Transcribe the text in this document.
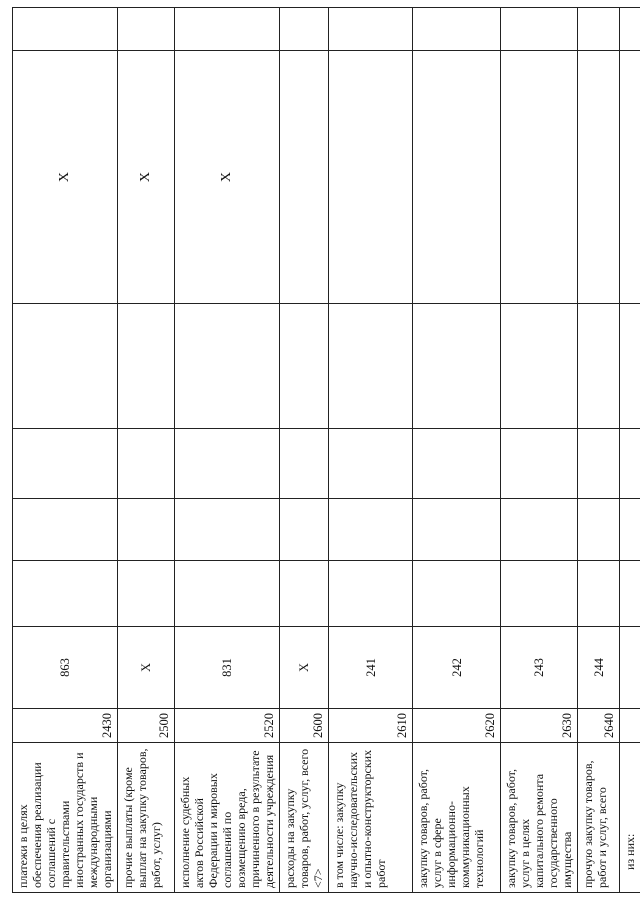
платежи в целях обеспечения реализации соглашений с правительствами иностранных государств и международными организациями	2430	863					X	
прочие выплаты (кроме выплат на закупку товаров, работ, услуг)	2500	X					X	
исполнение судебных актов Российской Федерации и мировых соглашений по возмещению вреда, причиненного в результате деятельности учреждения	2520	831					X	
расходы на закупку товаров, работ, услуг, всего <7>	2600	X						
в том числе: закупку научно-исследовательских и опытно-конструкторских работ	2610	241						
закупку товаров, работ, услуг в сфере информационно-коммуникационных технологий	2620	242						
закупку товаров, работ, услуг в целях капитального ремонта государственного имущества	2630	243						
прочую закупку товаров, работ и услуг, всего	2640	244						
из них:								
